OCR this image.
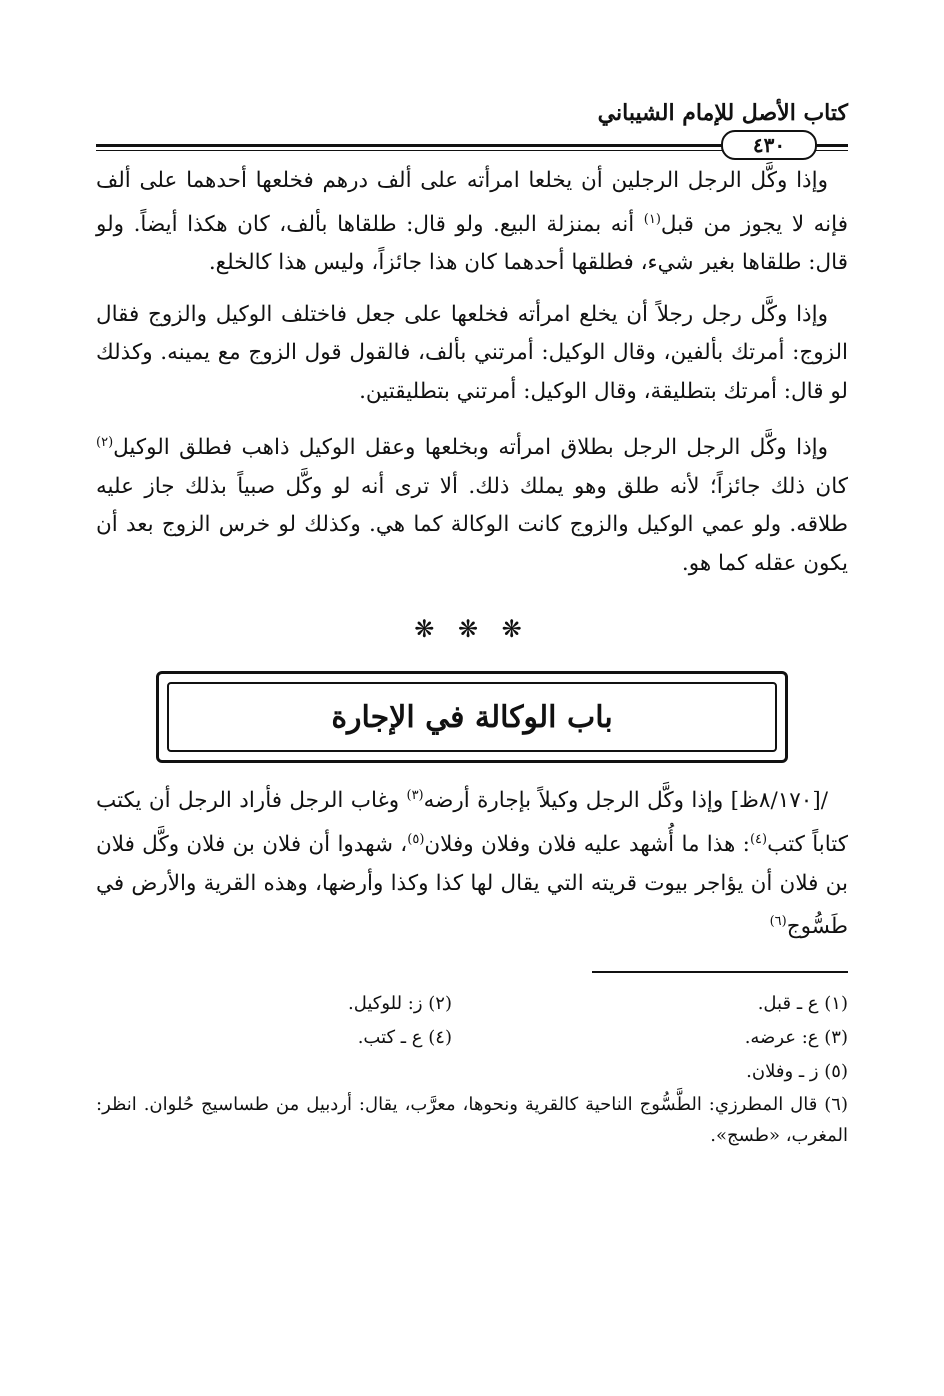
كتاب الأصل للإمام الشيباني
٤٣٠

وإذا وكَّل الرجل الرجلين أن يخلعا امرأته على ألف درهم فخلعها أحدهما على ألف فإنه لا يجوز من قبل$^{(١)}$ أنه بمنزلة البيع. ولو قال: طلقاها بألف، كان هكذا أيضاً. ولو قال: طلقاها بغير شيء، فطلقها أحدهما كان هذا جائزاً، وليس هذا كالخلع.

وإذا وكَّل رجل رجلاً أن يخلع امرأته فخلعها على جعل فاختلف الوكيل والزوج فقال الزوج: أمرتك بألفين، وقال الوكيل: أمرتني بألف، فالقول قول الزوج مع يمينه. وكذلك لو قال: أمرتك بتطليقة، وقال الوكيل: أمرتني بتطليقتين.

وإذا وكَّل الرجل الرجل بطلاق امرأته وبخلعها وعقل الوكيل ذاهب فطلق الوكيل$^{(٢)}$ كان ذلك جائزاً؛ لأنه طلق وهو يملك ذلك. ألا ترى أنه لو وكَّل صبياً بذلك جاز عليه طلاقه. ولو عمي الوكيل والزوج كانت الوكالة كما هي. وكذلك لو خرس الزوج بعد أن يكون عقله كما هو.

❋ ❋ ❋
باب الوكالة في الإجارة

/[٨/١٧٠ظ] وإذا وكَّل الرجل وكيلاً بإجارة أرضه$^{(٣)}$ وغاب الرجل فأراد الرجل أن يكتب كتاباً كتب$^{(٤)}$: هذا ما أُشهد عليه فلان وفلان وفلان$^{(٥)}$، شهدوا أن فلان بن فلان وكَّل فلان بن فلان أن يؤاجر بيوت قريته التي يقال لها كذا وكذا وأرضها، وهذه القرية والأرض في طَسُّوج$^{(٦)}$

(١) ع ـ قبل.
(٢) ز: للوكيل.
(٣) ع: عرضه.
(٤) ع ـ كتب.
(٥) ز ـ وفلان.
(٦) قال المطرزي: الطَّسُّوج الناحية كالقرية ونحوها، معرَّب، يقال: أردبيل من طساسيج حُلوان. انظر: المغرب، «طسج».
